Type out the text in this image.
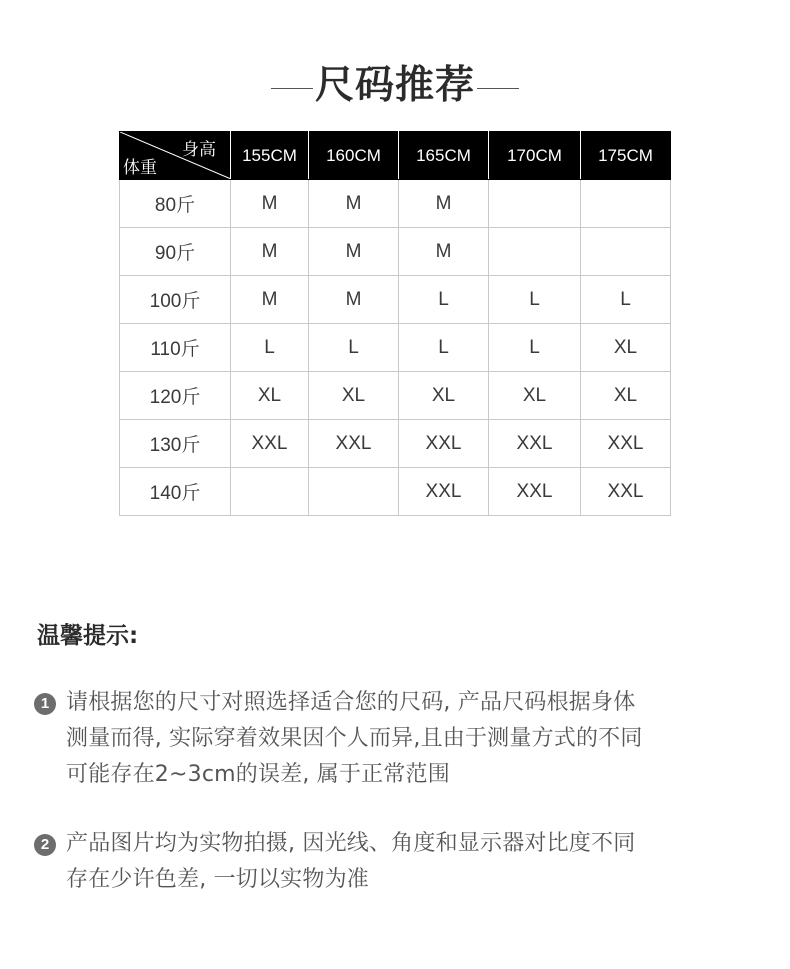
尺码推荐
身高
体重	155CM	160CM	165CM	170CM	175CM
80斤	M	M	M		
90斤	M	M	M		
100斤	M	M	L	L	L
110斤	L	L	L	L	XL
120斤	XL	XL	XL	XL	XL
130斤	XXL	XXL	XXL	XXL	XXL
140斤			XXL	XXL	XXL
温馨提示:
1 请根据您的尺寸对照选择适合您的尺码, 产品尺码根据身体
测量而得, 实际穿着效果因个人而异,且由于测量方式的不同
可能存在2~3cm的误差, 属于正常范围
2 产品图片均为实物拍摄, 因光线、角度和显示器对比度不同
存在少许色差, 一切以实物为准
